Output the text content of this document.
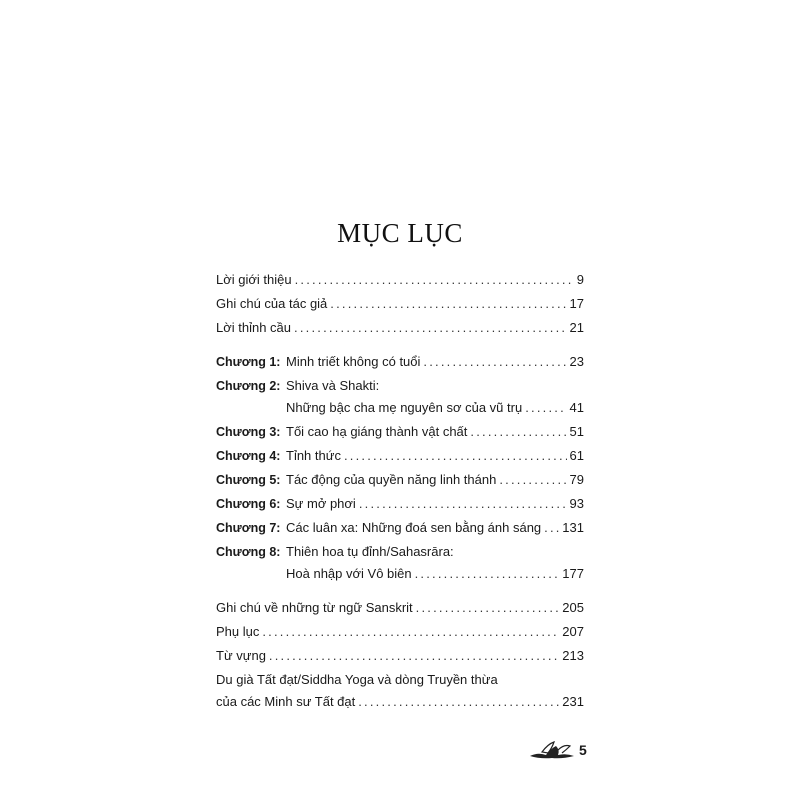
MỤC LỤC
Lời giới thiệu .....	9
Ghi chú của tác giả .....	17
Lời thỉnh cầu .....	21
Chương 1: Minh triết không có tuổi .....	23
Chương 2: Shiva và Shakti:
Những bậc cha mẹ nguyên sơ của vũ trụ .....	41
Chương 3: Tối cao hạ giáng thành vật chất .....	51
Chương 4: Tỉnh thức .....	61
Chương 5: Tác động của quyền năng linh thánh .....	79
Chương 6: Sự mở phơi .....	93
Chương 7: Các luân xa: Những đoá sen bằng ánh sáng ..... 131
Chương 8: Thiên hoa tụ đỉnh/Sahasrāra:
Hoà nhập với Vô biên .....	177
Ghi chú về những từ ngữ Sanskrit .....	205
Phụ lục .....	207
Từ vựng .....	213
Du già Tất đạt/Siddha Yoga và dòng Truyền thừa
của các Minh sư Tất đạt .....	231
5
